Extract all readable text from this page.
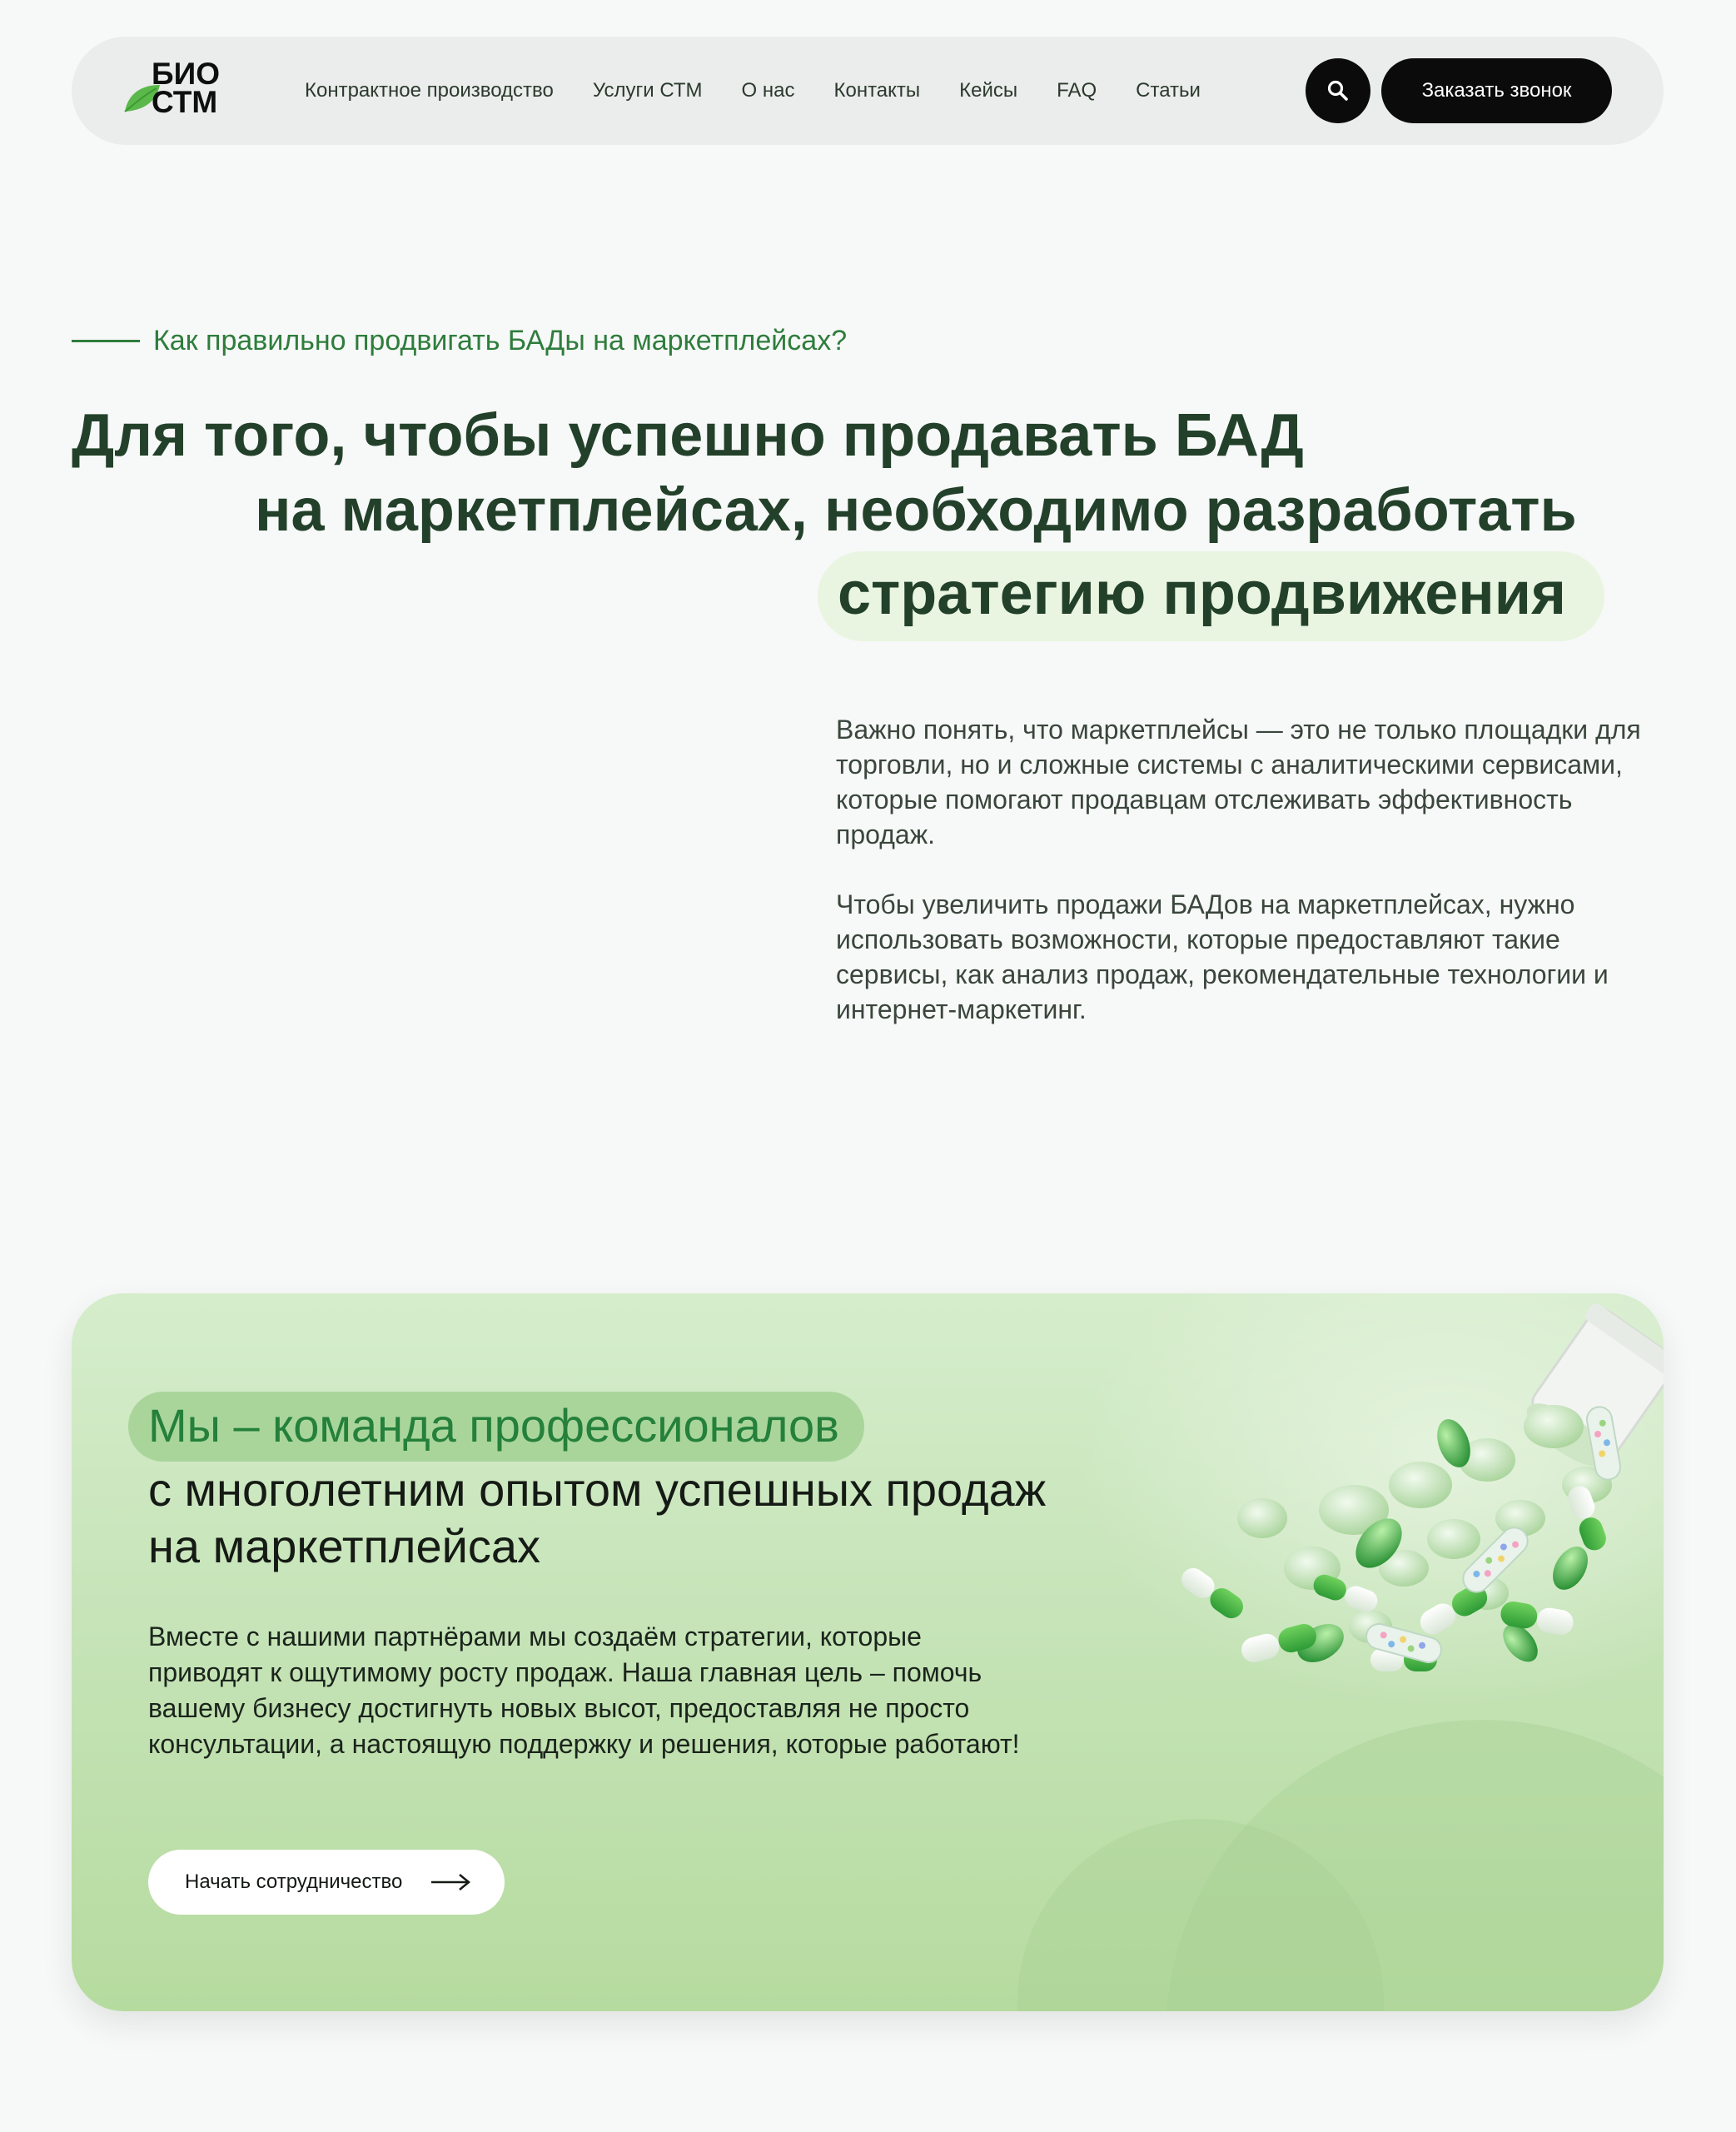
БИО
СТМ	Контрактное производство Услуги СТМ О нас Контакты Кейсы FAQ Статьи	Заказать звонок
Как правильно продвигать БАДы на маркетплейсах?
Для того, чтобы успешно продавать БАД
на маркетплейсах, необходимо разработать
стратегию продвижения

Важно понять, что маркетплейсы — это не только площадки для торговли, но и сложные системы с аналитическими сервисами, которые помогают продавцам отслеживать эффективность продаж.

Чтобы увеличить продажи БАДов на маркетплейсах, нужно использовать возможности, которые предоставляют такие сервисы, как анализ продаж, рекомендательные технологии и интернет-маркетинг.

Мы – команда профессионалов
с многолетним опытом успешных продаж
на маркетплейсах

Вместе с нашими партнёрами мы создаём стратегии, которые приводят к ощутимому росту продаж. Наша главная цель – помочь вашему бизнесу достигнуть новых высот, предоставляя не просто консультации, а настоящую поддержку и решения, которые работают!

Начать сотрудничество
